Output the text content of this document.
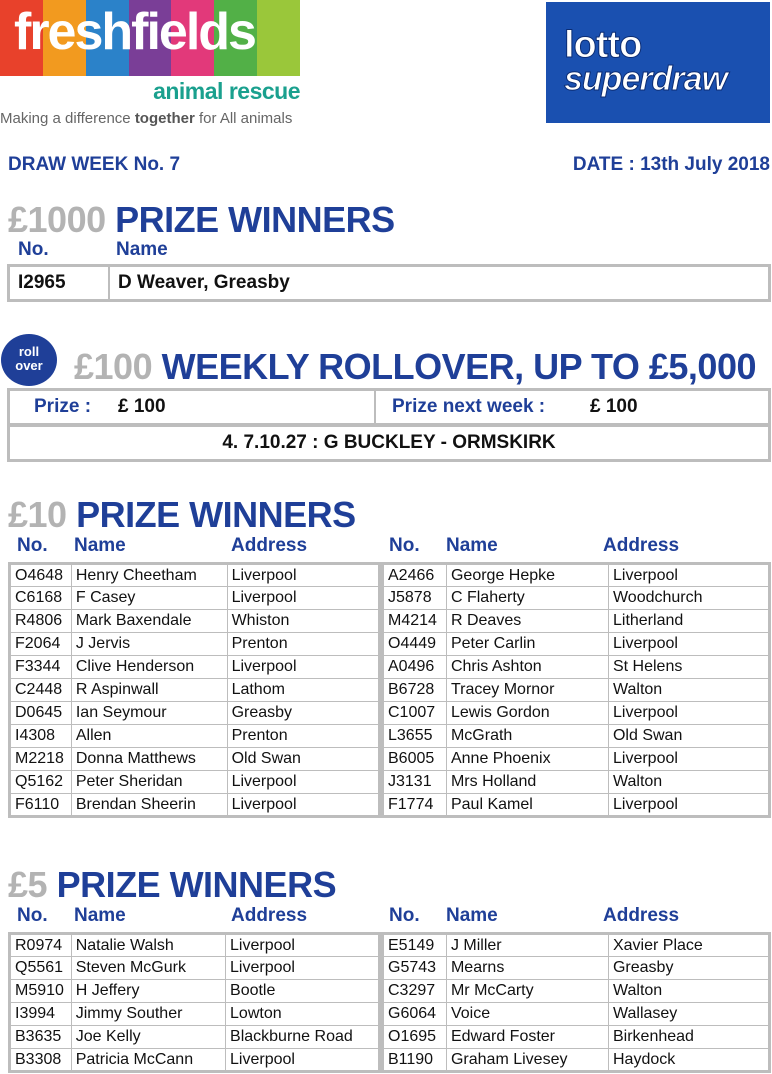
freshfields
animal rescue
Making a difference together for All animals
lotto
superdraw
DRAW WEEK No. 7	DATE : 13th July 2018
£1000 PRIZE WINNERS
No.	Name
I2965	D Weaver, Greasby
roll
over £100 WEEKLY ROLLOVER, UP TO £5,000
Prize :	£ 100	Prize next week :	£ 100
4. 7.10.27 : G BUCKLEY - ORMSKIRK
£10 PRIZE WINNERS
No. Name	Address	No. Name	Address
O4648	Henry Cheetham	Liverpool
C6168	F Casey	Liverpool
R4806	Mark Baxendale	Whiston
F2064	J Jervis	Prenton
F3344	Clive Henderson	Liverpool
C2448	R Aspinwall	Lathom
D0645	Ian Seymour	Greasby
I4308	Allen	Prenton
M2218	Donna Matthews	Old Swan
Q5162	Peter Sheridan	Liverpool
F6110	Brendan Sheerin	Liverpool
A2466	George Hepke	Liverpool
J5878	C Flaherty	Woodchurch
M4214	R Deaves	Litherland
O4449	Peter Carlin	Liverpool
A0496	Chris Ashton	St Helens
B6728	Tracey Mornor	Walton
C1007	Lewis Gordon	Liverpool
L3655	McGrath	Old Swan
B6005	Anne Phoenix	Liverpool
J3131	Mrs Holland	Walton
F1774	Paul Kamel	Liverpool
£5 PRIZE WINNERS
No. Name	Address	No. Name	Address
R0974	Natalie Walsh	Liverpool
Q5561	Steven McGurk	Liverpool
M5910	H Jeffery	Bootle
I3994	Jimmy Souther	Lowton
B3635	Joe Kelly	Blackburne Road
B3308	Patricia McCann	Liverpool
E5149	J Miller	Xavier Place
G5743	Mearns	Greasby
C3297	Mr McCarty	Walton
G6064	Voice	Wallasey
O1695	Edward Foster	Birkenhead
B1190	Graham Livesey	Haydock
